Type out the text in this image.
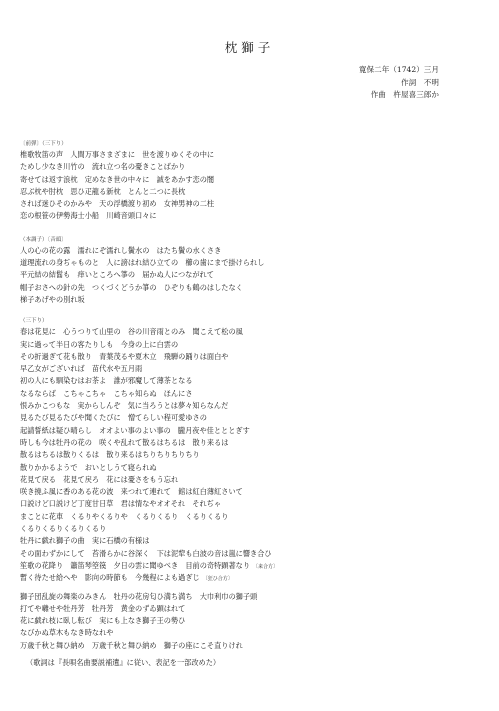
枕獅子
寛保二年（1742）三月
作詞　不明
作曲　杵屋喜三郎か
〔前弾〕（三下り）
椎歌牧笛の声　人間万事さまざまに　世を渡りゆくその中に
ためし少なき川竹の　流れ立つ名の憂きことばかり
寄せては返す浪枕　定めなき世の中々に　誠をあかす恋の闇
忍ぶ枕や肘枕　思ひ疋龍る新枕　とんと二つに長枕
されば迷ひそのかみや　天の浮橋渡り初め　女神男神の二柱
恋の根笹の伊勢海士小船　川崎音頭口々に
（本調子）〔音頭〕
人の心の花の露　濡れにぞ濡れし鬢水の　はたち鬢の水くさき
道理流れの身ぢゃものと　人に謗はれ結ひ立ての　櫛の歯にまで掛けられし
平元結の結髷も　痒いところへ箏の　届かぬ人につながれて
帽子おさへの針の先　つくづくどうか箏の　ひぞりも鶴のはしたなく
梯子あげやの別れ坂
（三下り）
春は花見に　心うつりて山里の　谷の川音雨とのみ　聞こえて松の風
実に過って半日の客たりしも　今身の上に白雲の
その折過ぎて花も散り　青葉茂るや夏木立　飛騨の踊りは面白や
早乙女がございれば　苗代水や五月雨
初の人にも馴染むはお茶よ　誰が邪魔して薄茶となる
なるならば　こちゃこちゃ　こちゃ知らぬ　ほんにさ
恨みかこつもな　実からしんぞ　気に当ろうとは夢々知らなんだ
見るたび見るたびや聞くたびに　憎てらしい程可愛ゆさの
起請誓紙は疑ひ晴らし　オオよい事のよい事の　朧月夜や佳とととぎす
時しも今は牡丹の花の　咲くや乱れて散るはちるは　散り来るは
散るはちるは散りくるは　散り来るはちりちりちりちり
散りかかるようで　おいとしうて寝られぬ
花見て戻る　花見て戻ろ　花には憂さをもう忘れ
咲き撓ふ風に香のある花の波　来つれて連れて　館は紅白薄紅さいて
口説けど口説けど丁度甘日草　君は情なやオオそれ　それぢゃ
まことに花車　くるりやくるりや　くるりくるり　くるりくるり
くるりくるりくるりくるり
牡丹に戯れ獅子の曲　実に石橋の有様は
その面わずかにして　苔滑らかに谷深く　下は泥犂も白波の音は嵐に響き合ひ
笙歌の花降り　簫笛琴箜篌　夕日の雲に聞ゆべき　目前の奇特顕著なり 〔来合方〕
暫く待たせ給へや　影向の時節も　今幾程によも過ぎじ 〔狂ひ合方〕
獅子団乱旋の舞楽のみきん　牡丹の花房匂ひ満ち満ち　大巾利巾の獅子頭
打てや囃せや牡丹芳　牡丹芳　黄金のずゐ顕はれて
花に戯れ枝に臥し転び　実にも上なき獅子王の勢ひ
なびかぬ草木もなき時なれや
万歳千秋と舞ひ納め　万歳千秋と舞ひ納め　獅子の座にこそ直りけれ
（歌詞は『長唄名曲要説補遺』に従い、表記を一部改めた）
